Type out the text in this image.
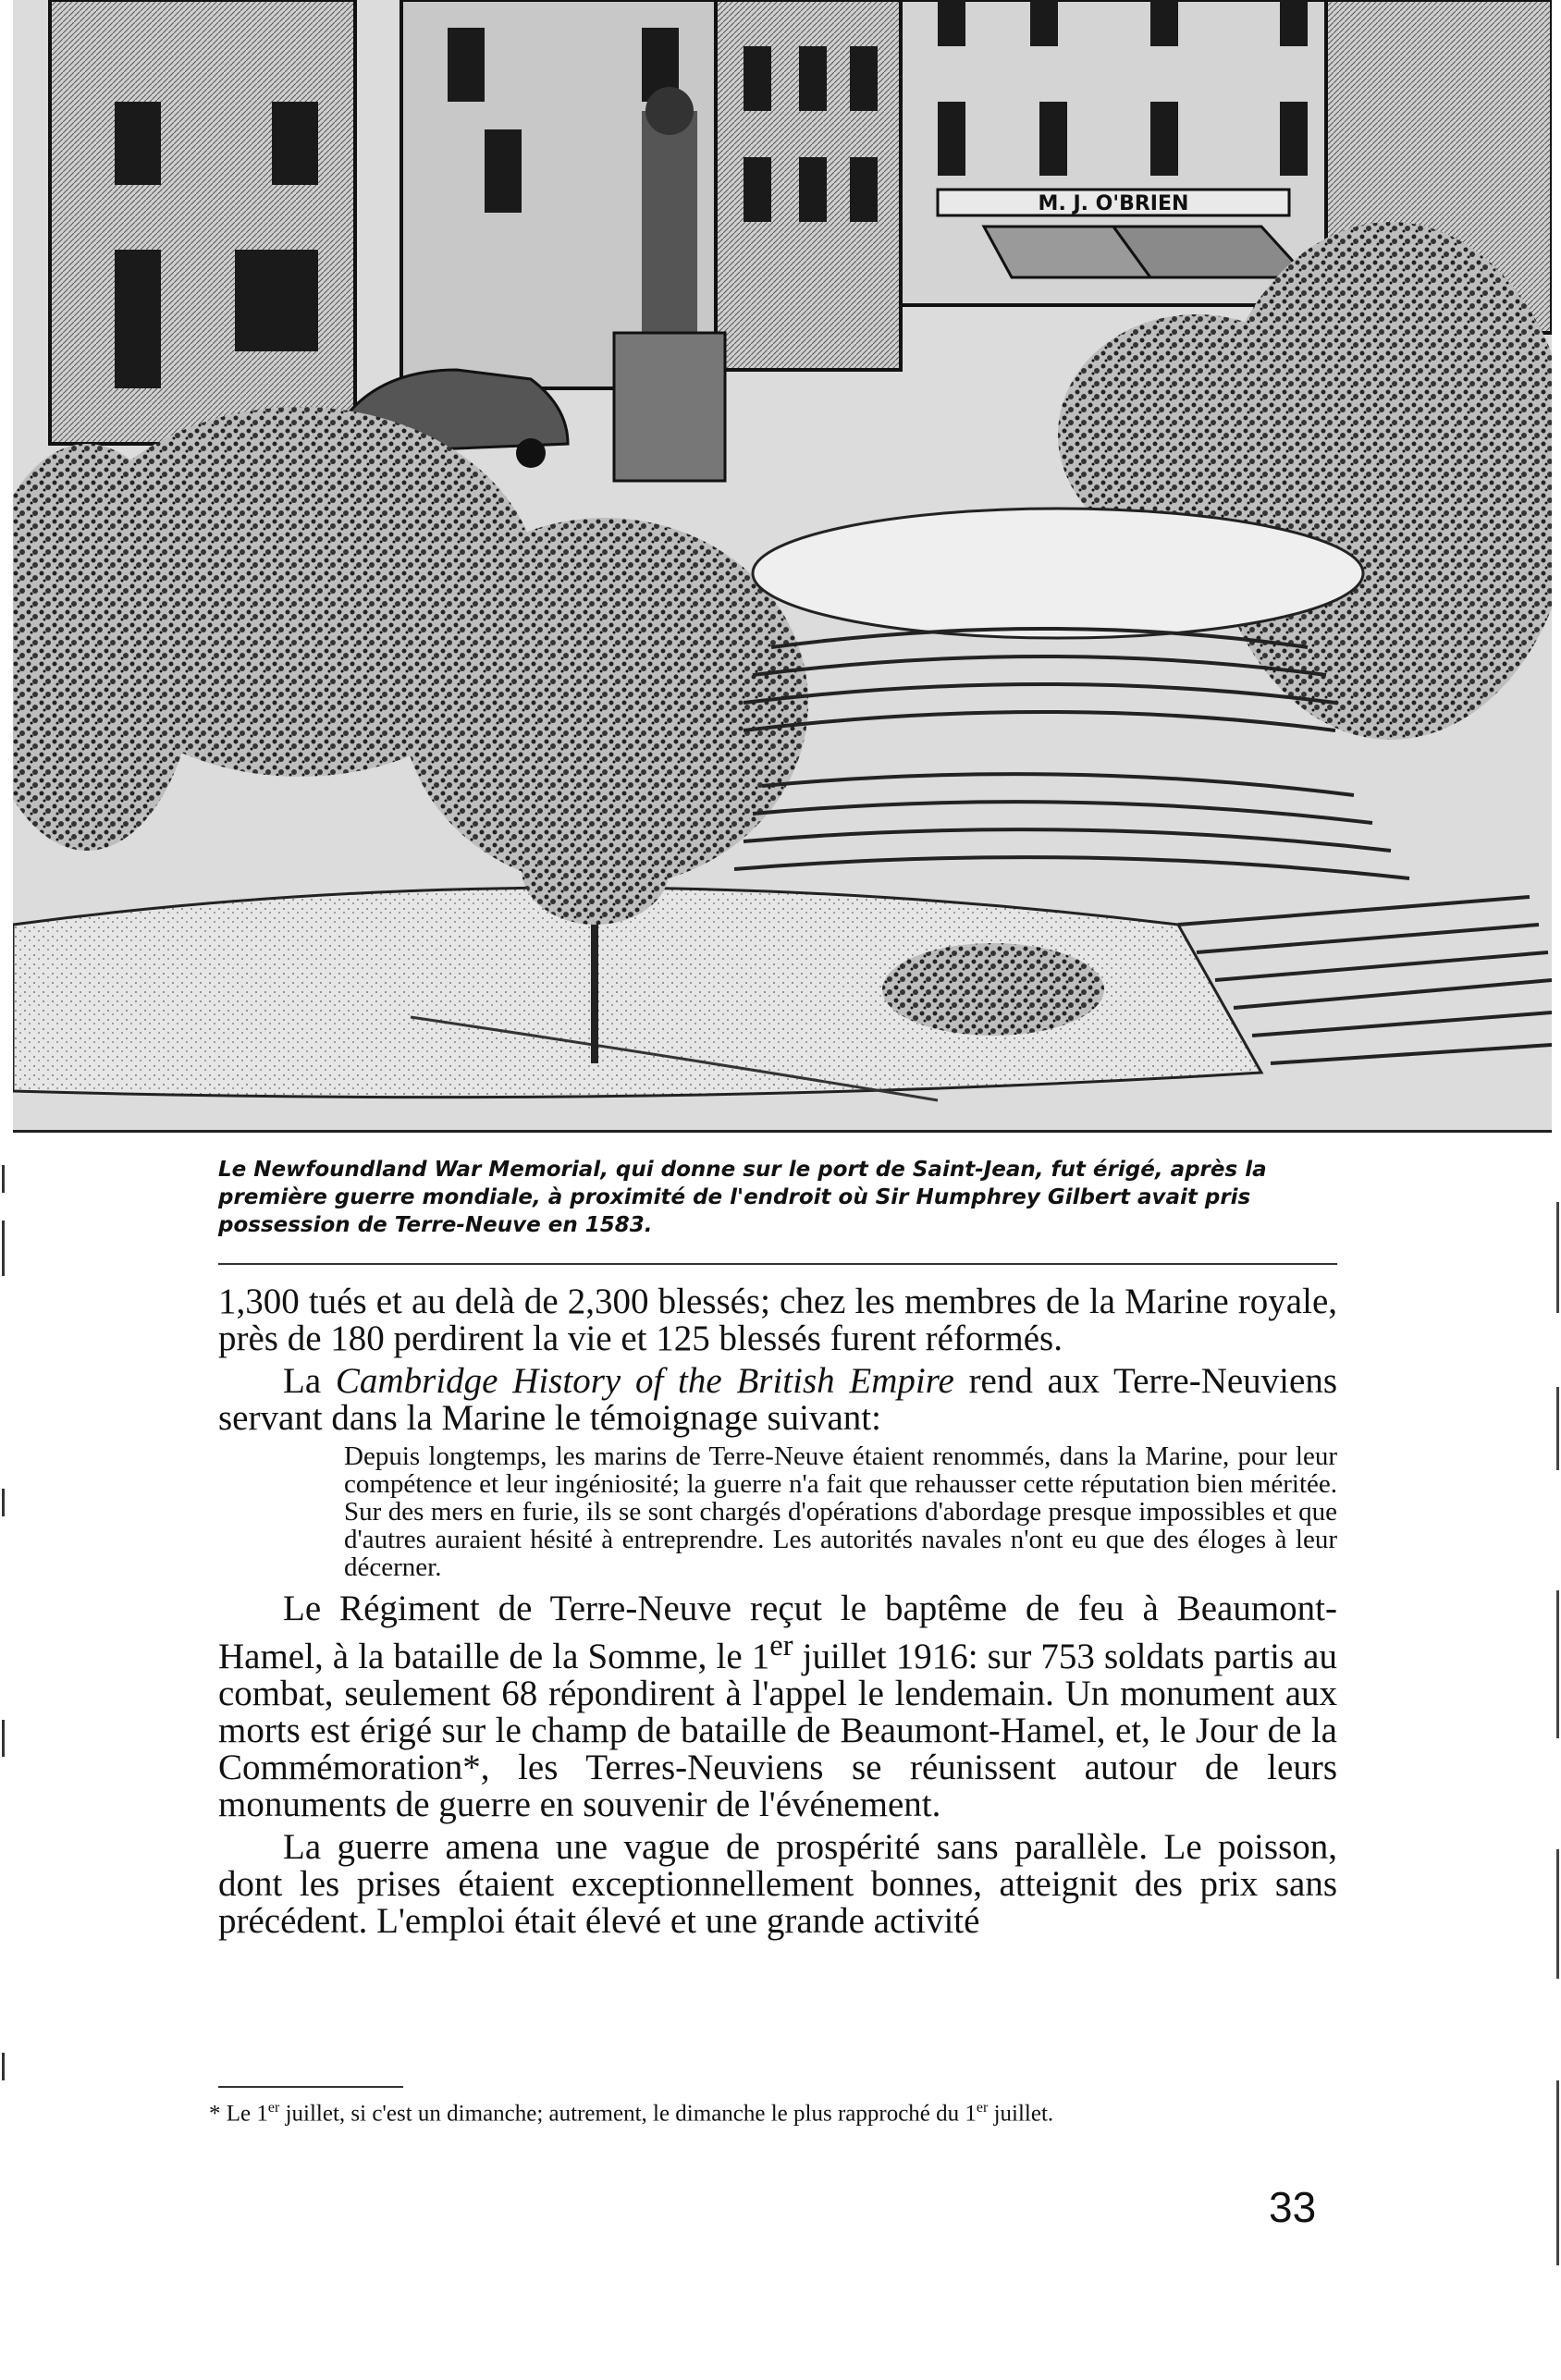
M. J. O'BRIEN

Le Newfoundland War Memorial, qui donne sur le port de Saint-Jean, fut érigé, après la première guerre mondiale, à proximité de l'endroit où Sir Humphrey Gilbert avait pris possession de Terre-Neuve en 1583.

1,300 tués et au delà de 2,300 blessés; chez les membres de la Marine royale, près de 180 perdirent la vie et 125 blessés furent réformés.

La Cambridge History of the British Empire rend aux Terre-Neuviens servant dans la Marine le témoignage suivant:

Depuis longtemps, les marins de Terre-Neuve étaient renommés, dans la Marine, pour leur compétence et leur ingéniosité; la guerre n'a fait que rehausser cette réputation bien méritée. Sur des mers en furie, ils se sont chargés d'opérations d'abordage presque impossibles et que d'autres auraient hésité à entreprendre. Les autorités navales n'ont eu que des éloges à leur décerner.

Le Régiment de Terre-Neuve reçut le baptême de feu à Beaumont-Hamel, à la bataille de la Somme, le 1er juillet 1916: sur 753 soldats partis au combat, seulement 68 répondirent à l'appel le lendemain. Un monument aux morts est érigé sur le champ de bataille de Beaumont-Hamel, et, le Jour de la Commémoration*, les Terres-Neuviens se réunissent autour de leurs monuments de guerre en souvenir de l'événement.

La guerre amena une vague de prospérité sans parallèle. Le poisson, dont les prises étaient exceptionnellement bonnes, atteignit des prix sans précédent. L'emploi était élevé et une grande activité

* Le 1er juillet, si c'est un dimanche; autrement, le dimanche le plus rapproché du 1er juillet.
33
